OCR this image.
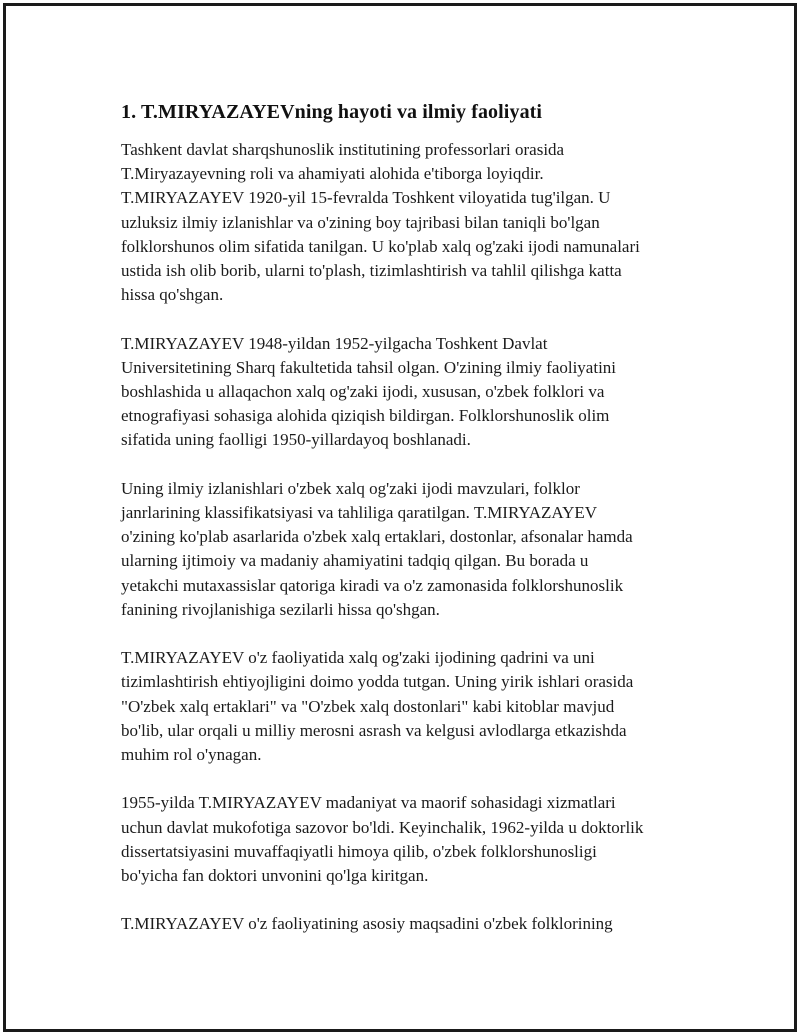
1. T.MIRYAZAYEVning hayoti va ilmiy faoliyati
Tashkent davlat sharqshunoslik institutining professorlari orasida
T.Miryazayevning roli va ahamiyati alohida e'tiborga loyiqdir.
T.MIRYAZAYEV 1920-yil 15-fevralda Toshkent viloyatida tug'ilgan. U
uzluksiz ilmiy izlanishlar va o'zining boy tajribasi bilan taniqli bo'lgan
folklorshunos olim sifatida tanilgan. U ko'plab xalq og'zaki ijodi namunalari
ustida ish olib borib, ularni to'plash, tizimlashtirish va tahlil qilishga katta
hissa qo'shgan.
T.MIRYAZAYEV 1948-yildan 1952-yilgacha Toshkent Davlat
Universitetining Sharq fakultetida tahsil olgan. O'zining ilmiy faoliyatini
boshlashida u allaqachon xalq og'zaki ijodi, xususan, o'zbek folklori va
etnografiyasi sohasiga alohida qiziqish bildirgan. Folklorshunoslik olim
sifatida uning faolligi 1950-yillardayoq boshlanadi.
Uning ilmiy izlanishlari o'zbek xalq og'zaki ijodi mavzulari, folklor
janrlarining klassifikatsiyasi va tahliliga qaratilgan. T.MIRYAZAYEV
o'zining ko'plab asarlarida o'zbek xalq ertaklari, dostonlar, afsonalar hamda
ularning ijtimoiy va madaniy ahamiyatini tadqiq qilgan. Bu borada u
yetakchi mutaxassislar qatoriga kiradi va o'z zamonasida folklorshunoslik
fanining rivojlanishiga sezilarli hissa qo'shgan.
T.MIRYAZAYEV o'z faoliyatida xalq og'zaki ijodining qadrini va uni
tizimlashtirish ehtiyojligini doimo yodda tutgan. Uning yirik ishlari orasida
"O'zbek xalq ertaklari" va "O'zbek xalq dostonlari" kabi kitoblar mavjud
bo'lib, ular orqali u milliy merosni asrash va kelgusi avlodlarga etkazishda
muhim rol o'ynagan.
1955-yilda T.MIRYAZAYEV madaniyat va maorif sohasidagi xizmatlari
uchun davlat mukofotiga sazovor bo'ldi. Keyinchalik, 1962-yilda u doktorlik
dissertatsiyasini muvaffaqiyatli himoya qilib, o'zbek folklorshunosligi
bo'yicha fan doktori unvonini qo'lga kiritgan.
T.MIRYAZAYEV o'z faoliyatining asosiy maqsadini o'zbek folklorining
